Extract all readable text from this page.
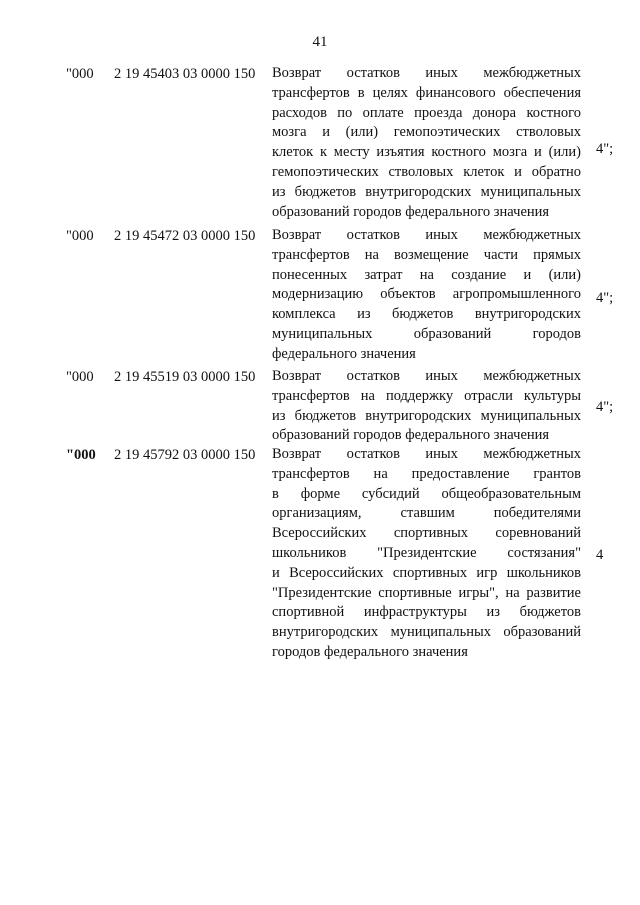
41
"000 2 19 45403 03 0000 150 Возврат остатков иных межбюджетных
трансфертов в целях финансового обеспечения
расходов по оплате проезда донора костного
мозга и (или) гемопоэтических стволовых
клеток к месту изъятия костного мозга и (или)
гемопоэтических стволовых клеток и обратно
из бюджетов внутригородских муниципальных
образований городов федерального значения
4";
"000 2 19 45472 03 0000 150 Возврат остатков иных межбюджетных
трансфертов на возмещение части прямых
понесенных затрат на создание и (или)
модернизацию объектов агропромышленного
комплекса из бюджетов внутригородских
муниципальных образований городов
федерального значения
4";
"000 2 19 45519 03 0000 150 Возврат остатков иных межбюджетных
трансфертов на поддержку отрасли культуры
из бюджетов внутригородских муниципальных
образований городов федерального значения
4";
"000 2 19 45792 03 0000 150 Возврат остатков иных межбюджетных
трансфертов на предоставление грантов
в форме субсидий общеобразовательным
организациям, ставшим победителями
Всероссийских спортивных соревнований
школьников "Президентские состязания"
и Всероссийских спортивных игр школьников
"Президентские спортивные игры", на развитие
спортивной инфраструктуры из бюджетов
внутригородских муниципальных образований
городов федерального значения
4
